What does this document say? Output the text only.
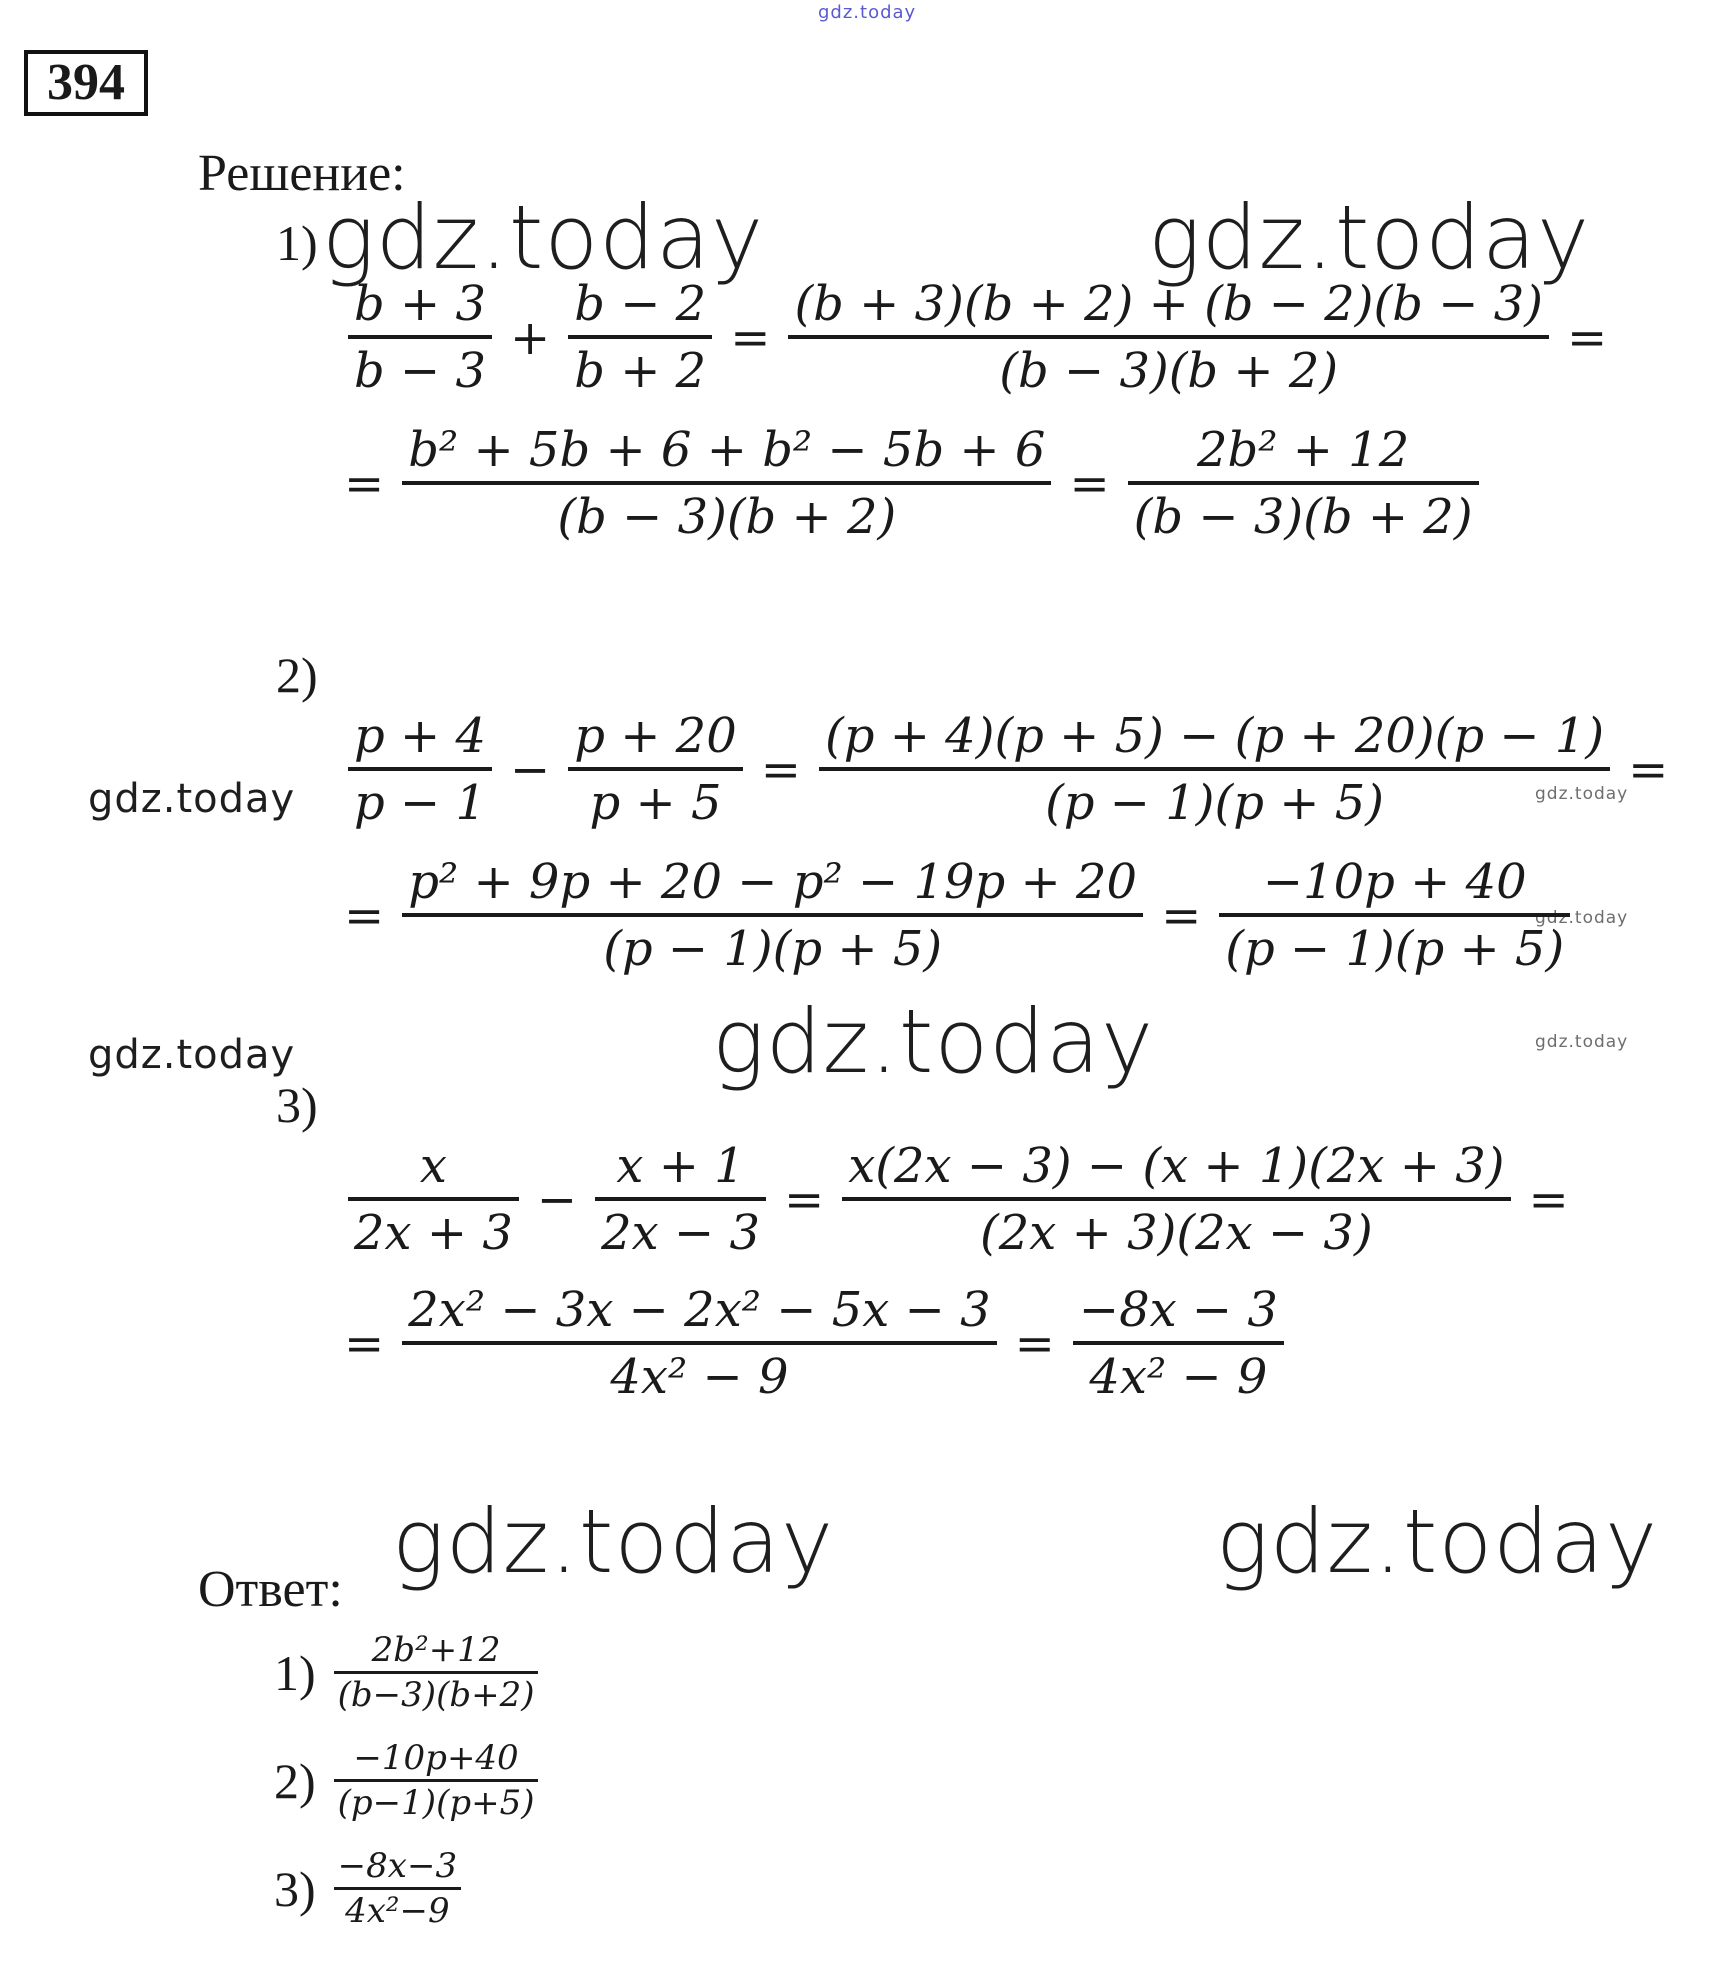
gdz.today
gdz.today	gdz.today
gdz.today	gdz.today
gdz.today
gdz.today
gdz.today	gdz.today
gdz.today	gdz.today
394
Решение:
1)
$\frac{b + 3}{b - 3} + \frac{b - 2}{b + 2} = \frac{(b + 3)(b + 2) + (b - 2)(b - 3)}{(b - 3)(b + 2)}$ =
= $\frac{\text{b² + 5b + 6 + b² − 5b + 6}}{(b - 3)(b + 2)} = \frac{\text{2b² + 12}}{(b - 3)(b + 2)}$
2)
$\frac{p + 4}{p - 1} - \frac{p + 20}{p + 5} = \frac{(p + 4)(p + 5) - (p + 20)(p - 1)}{(p - 1)(p + 5)}$ =
= $\frac{\text{p² + 9p + 20 − p² − 19p + 20}}{(p - 1)(p + 5)} = \frac{-10p + 40}{(p - 1)(p + 5)}$
3)
$\frac{x}{2x + 3} - \frac{x + 1}{2x - 3} = \frac{x(2x - 3) - (x + 1)(2x + 3)}{(2x + 3)(2x - 3)}$ =
= $\frac{\text{2x² − 3x − 2x² − 5x − 3}}{\text{4x² − 9}} = \frac{-8x - 3}{\text{4x² − 9}}$
Ответ:
$1) \frac{\text{2b²+12}}{(b-3)(b+2)}$
$2) \frac{-10p+40}{(p-1)(p+5)}$
$3) \frac{-8x-3}{\text{4x²−9}}$
